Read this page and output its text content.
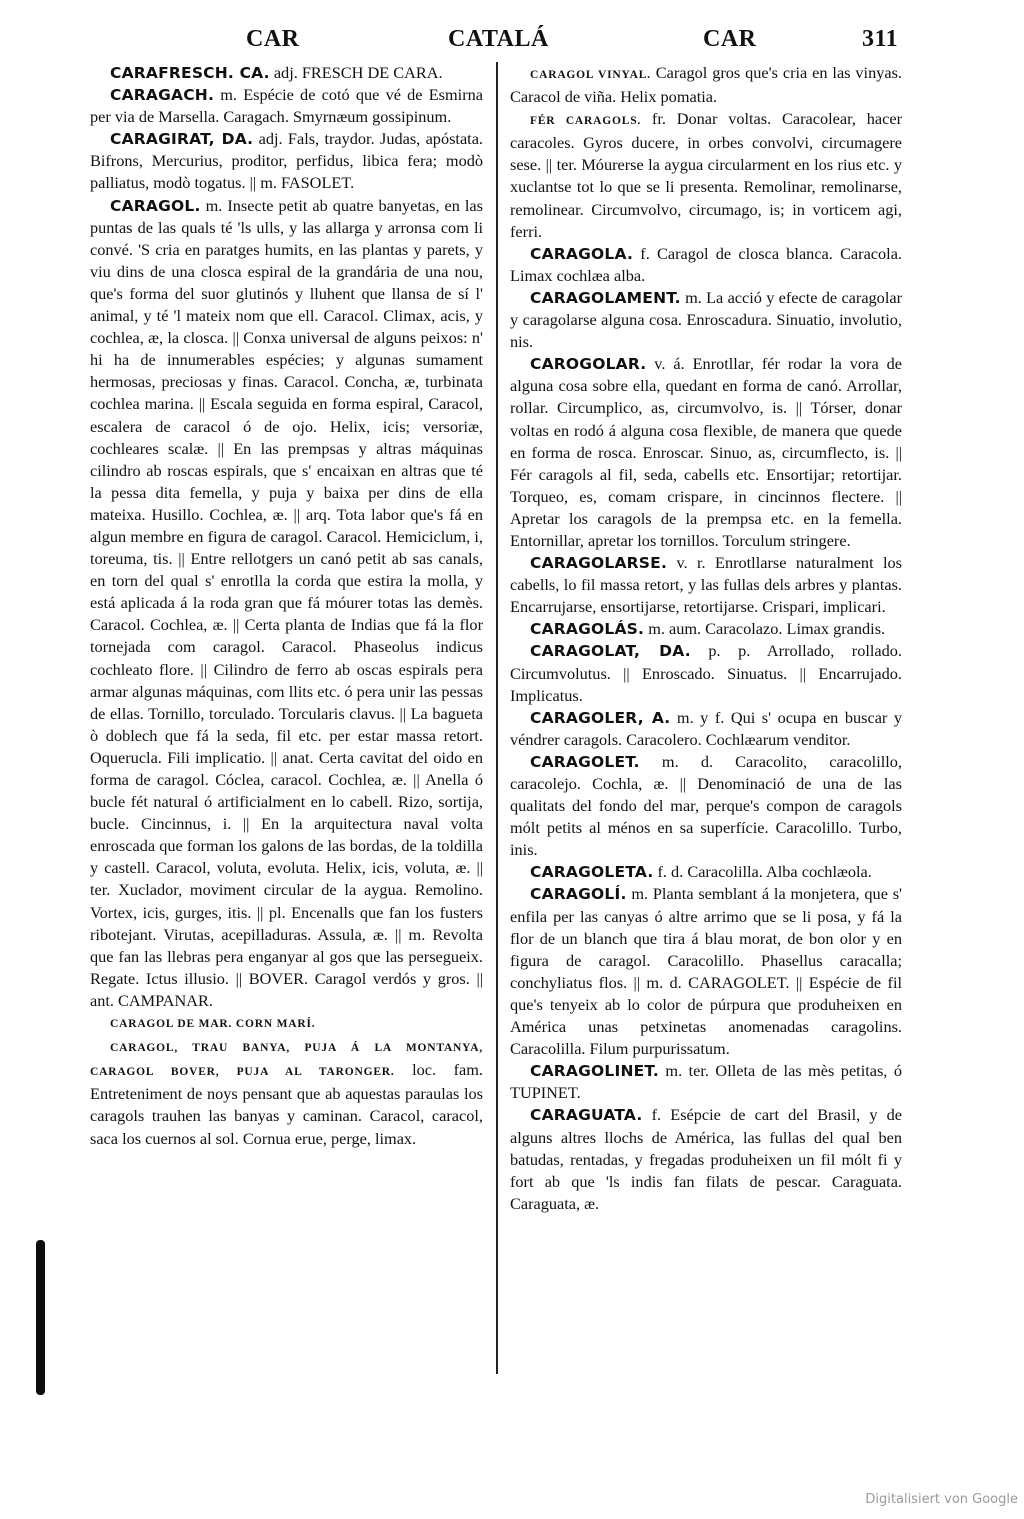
CAR	CATALÁ	CAR	311

CARAFRESCH. CA. adj. FRESCH DE CARA.

CARAGACH. m. Espécie de cotó que vé de Esmirna per via de Marsella. Caragach. Smyrnæum gossipinum.

CARAGIRAT, DA. adj. Fals, traydor. Judas, apóstata. Bifrons, Mercurius, proditor, perfidus, libica fera; modò palliatus, modò togatus. || m. FASOLET.

CARAGOL. m. Insecte petit ab quatre banyetas, en las puntas de las quals té 'ls ulls, y las allarga y arronsa com li convé. 'S cria en paratges humits, en las plantas y parets, y viu dins de una closca espiral de la grandária de una nou, que's forma del suor glutinós y lluhent que llansa de sí l' animal, y té 'l mateix nom que ell. Caracol. Climax, acis, y cochlea, æ, la closca. || Conxa universal de alguns peixos: n' hi ha de innumerables espécies; y algunas sumament hermosas, preciosas y finas. Caracol. Concha, æ, turbinata cochlea marina. || Escala seguida en forma espiral, Caracol, escalera de caracol ó de ojo. Helix, icis; versoriæ, cochleares scalæ. || En las prempsas y altras máquinas cilindro ab roscas espirals, que s' encaixan en altras que té la pessa dita femella, y puja y baixa per dins de ella mateixa. Husillo. Cochlea, æ. || arq. Tota labor que's fá en algun membre en figura de caragol. Caracol. Hemiciclum, i, toreuma, tis. || Entre rellotgers un canó petit ab sas canals, en torn del qual s' enrotlla la corda que estira la molla, y está aplicada á la roda gran que fá móurer totas las demès. Caracol. Cochlea, æ. || Certa planta de Indias que fá la flor tornejada com caragol. Caracol. Phaseolus indicus cochleato flore. || Cilindro de ferro ab oscas espirals pera armar algunas máquinas, com llits etc. ó pera unir las pessas de ellas. Tornillo, torculado. Torcularis clavus. || La bagueta ò doblech que fá la seda, fil etc. per estar massa retort. Oquerucla. Fili implicatio. || anat. Certa cavitat del oido en forma de caragol. Cóclea, caracol. Cochlea, æ. || Anella ó bucle fét natural ó artificialment en lo cabell. Rizo, sortija, bucle. Cincinnus, i. || En la arquitectura naval volta enroscada que forman los galons de las bordas, de la toldilla y castell. Caracol, voluta, evoluta. Helix, icis, voluta, æ. || ter. Xuclador, moviment circular de la aygua. Remolino. Vortex, icis, gurges, itis. || pl. Encenalls que fan los fusters ribotejant. Virutas, acepilladuras. Assula, æ. || m. Revolta que fan las llebras pera enganyar al gos que las persegueix. Regate. Ictus illusio. || BOVER. Caragol verdós y gros. || ant. CAMPANAR.

CARAGOL DE MAR. CORN MARÍ.

CARAGOL, TRAU BANYA, PUJA Á LA MONTANYA, CARAGOL BOVER, PUJA AL TARONGER. loc. fam. Entreteniment de noys pensant que ab aquestas paraulas los caragols trauhen las banyas y caminan. Caracol, caracol, saca los cuernos al sol. Cornua erue, perge, limax.

CARAGOL VINYAL. Caragol gros que's cria en las vinyas. Caracol de viña. Helix pomatia.

FÉR CARAGOLS. fr. Donar voltas. Caracolear, hacer caracoles. Gyros ducere, in orbes convolvi, circumagere sese. || ter. Móurerse la aygua circularment en los rius etc. y xuclantse tot lo que se li presenta. Remolinar, remolinarse, remolinear. Circumvolvo, circumago, is; in vorticem agi, ferri.

CARAGOLA. f. Caragol de closca blanca. Caracola. Limax cochlæa alba.

CARAGOLAMENT. m. La acció y efecte de caragolar y caragolarse alguna cosa. Enroscadura. Sinuatio, involutio, nis.

CAROGOLAR. v. á. Enrotllar, fér rodar la vora de alguna cosa sobre ella, quedant en forma de canó. Arrollar, rollar. Circumplico, as, circumvolvo, is. || Tórser, donar voltas en rodó á alguna cosa flexible, de manera que quede en forma de rosca. Enroscar. Sinuo, as, circumflecto, is. || Fér caragols al fil, seda, cabells etc. Ensortijar; retortijar. Torqueo, es, comam crispare, in cincinnos flectere. || Apretar los caragols de la prempsa etc. en la femella. Entornillar, apretar los tornillos. Torculum stringere.

CARAGOLARSE. v. r. Enrotllarse naturalment los cabells, lo fil massa retort, y las fullas dels arbres y plantas. Encarrujarse, ensortijarse, retortijarse. Crispari, implicari.

CARAGOLÁS. m. aum. Caracolazo. Limax grandis.

CARAGOLAT, DA. p. p. Arrollado, rollado. Circumvolutus. || Enroscado. Sinuatus. || Encarrujado. Implicatus.

CARAGOLER, A. m. y f. Qui s' ocupa en buscar y véndrer caragols. Caracolero. Cochlæarum venditor.

CARAGOLET. m. d. Caracolito, caracolillo, caracolejo. Cochla, æ. || Denominació de una de las qualitats del fondo del mar, perque's compon de caragols mólt petits al ménos en sa superfície. Caracolillo. Turbo, inis.

CARAGOLETA. f. d. Caracolilla. Alba cochlæola.

CARAGOLÍ. m. Planta semblant á la monjetera, que s' enfila per las canyas ó altre arrimo que se li posa, y fá la flor de un blanch que tira á blau morat, de bon olor y en figura de caragol. Caracolillo. Phasellus caracalla; conchyliatus flos. || m. d. CARAGOLET. || Espécie de fil que's tenyeix ab lo color de púrpura que produheixen en América unas petxinetas anomenadas caragolins. Caracolilla. Filum purpurissatum.

CARAGOLINET. m. ter. Olleta de las mès petitas, ó TUPINET.

CARAGUATA. f. Esépcie de cart del Brasil, y de alguns altres llochs de América, las fullas del qual ben batudas, rentadas, y fregadas produheixen un fil mólt fi y fort ab que 'ls indis fan filats de pescar. Caraguata. Caraguata, æ.

Digitalisiert von Google
